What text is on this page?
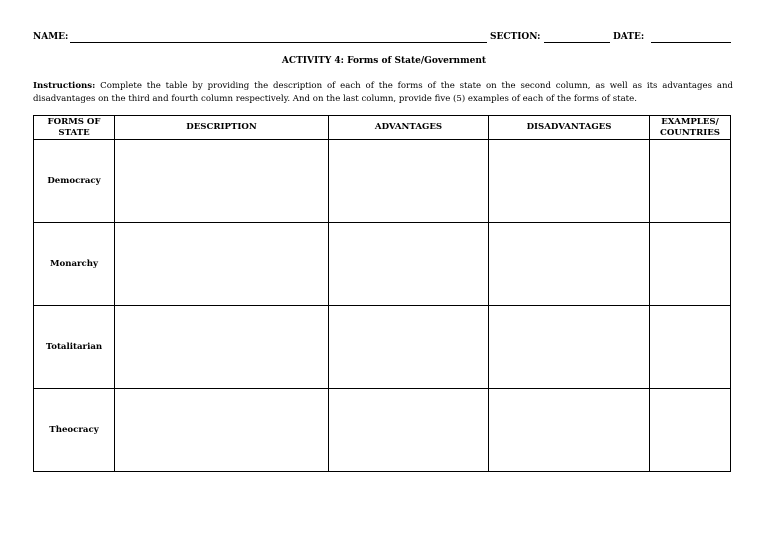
NAME:	SECTION:	DATE:
ACTIVITY 4: Forms of State/Government
Instructions: Complete the table by providing the description of each of the forms of the state on the second column, as well as its advantages and disadvantages on the third and fourth column respectively. And on the last column, provide five (5) examples of each of the forms of state.
FORMS OF STATE	DESCRIPTION	ADVANTAGES	DISADVANTAGES	EXAMPLES/ COUNTRIES
Democracy				
Monarchy				
Totalitarian				
Theocracy				
